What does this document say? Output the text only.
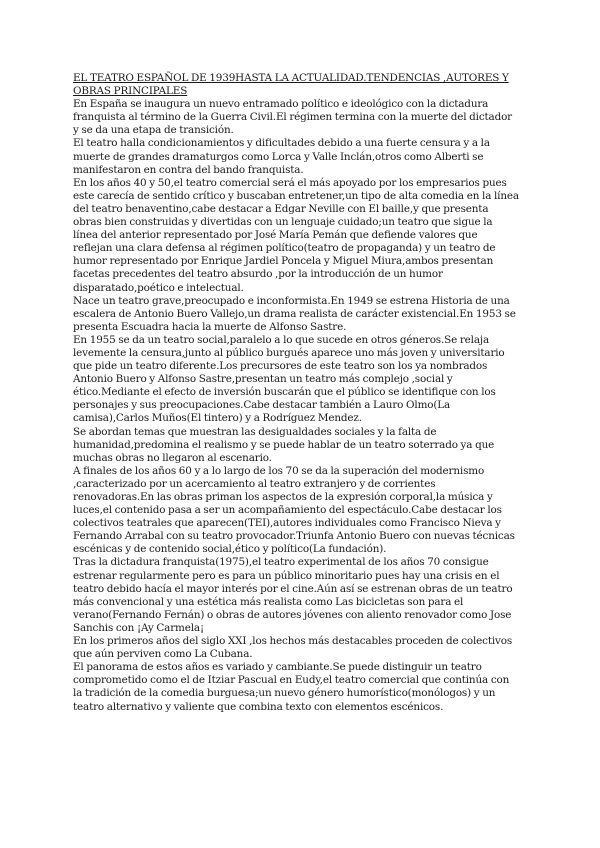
EL TEATRO ESPAÑOL DE 1939HASTA LA ACTUALIDAD.TENDENCIAS ,AUTORES Y OBRAS PRINCIPALES

En España se inaugura un nuevo entramado político e ideológico con la dictadura franquista al término de la Guerra Civil.El régimen termina con la muerte del dictador y se da una etapa de transición.

El teatro halla condicionamientos y dificultades debido a una fuerte censura y a la muerte de grandes dramaturgos como Lorca y Valle Inclán,otros como Alberti se manifestaron en contra del bando franquista.

En los años 40 y 50,el teatro comercial será el más apoyado por los empresarios pues este carecía de sentido crítico y buscaban entretener,un tipo de alta comedia en la línea del teatro benaventino,cabe destacar a Edgar Neville con El baille,y que presenta obras bien construidas y divertidas con un lenguaje cuidado;un teatro que sigue la línea del anterior representado por José María Pemán que defiende valores que reflejan una clara defensa al régimen político(teatro de propaganda) y un teatro de humor representado por Enrique Jardiel Poncela y Miguel Miura,ambos presentan facetas precedentes del teatro absurdo ,por la introducción de un humor disparatado,poético e intelectual.

Nace un teatro grave,preocupado e inconformista.En 1949 se estrena Historia de una escalera de Antonio Buero Vallejo,un drama realista de carácter existencial.En 1953 se presenta Escuadra hacia la muerte de Alfonso Sastre.

En 1955 se da un teatro social,paralelo a lo que sucede en otros géneros.Se relaja levemente la censura,junto al público burgués aparece uno más joven y universitario que pide un teatro diferente.Los precursores de este teatro son los ya nombrados Antonio Buero y Alfonso Sastre,presentan un teatro más complejo ,social y ético.Mediante el efecto de inversión buscarán que el público se identifique con los personajes y sus preocupaciones.Cabe destacar también a Lauro Olmo(La camisa),Carlos Muños(El tintero) y a Rodríguez Mendez.

Se abordan temas que muestran las desigualdades sociales y la falta de humanidad,predomina el realismo y se puede hablar de un teatro soterrado ya que muchas obras no llegaron al escenario.

A finales de los años 60 y a lo largo de los 70 se da la superación del modernismo ,caracterizado por un acercamiento al teatro extranjero y de corrientes renovadoras.En las obras priman los aspectos de la expresión corporal,la música y luces,el contenido pasa a ser un acompañamiento del espectáculo.Cabe destacar los colectivos teatrales que aparecen(TEI),autores individuales como Francisco Nieva y Fernando Arrabal con su teatro provocador.Triunfa Antonio Buero con nuevas técnicas escénicas y de contenido social,ético y político(La fundación).

Tras la dictadura franquista(1975),el teatro experimental de los años 70 consigue estrenar regularmente pero es para un público minoritario pues hay una crisis en el teatro debido hacía el mayor interés por el cine.Aún así se estrenan obras de un teatro más convencional y una estética más realista como Las bicicletas son para el verano(Fernando Fernán) o obras de autores jóvenes con aliento renovador como Jose Sanchis con ¡Ay Carmela¡

En los primeros años del siglo XXI ,los hechos más destacables proceden de colectivos que aún perviven como La Cubana.

El panorama de estos años es variado y cambiante.Se puede distinguir un teatro comprometido como el de Itziar Pascual en Eudy,el teatro comercial que continúa con la tradición de la comedia burguesa;un nuevo género humorístico(monólogos) y un teatro alternativo y valiente que combina texto con elementos escénicos.
